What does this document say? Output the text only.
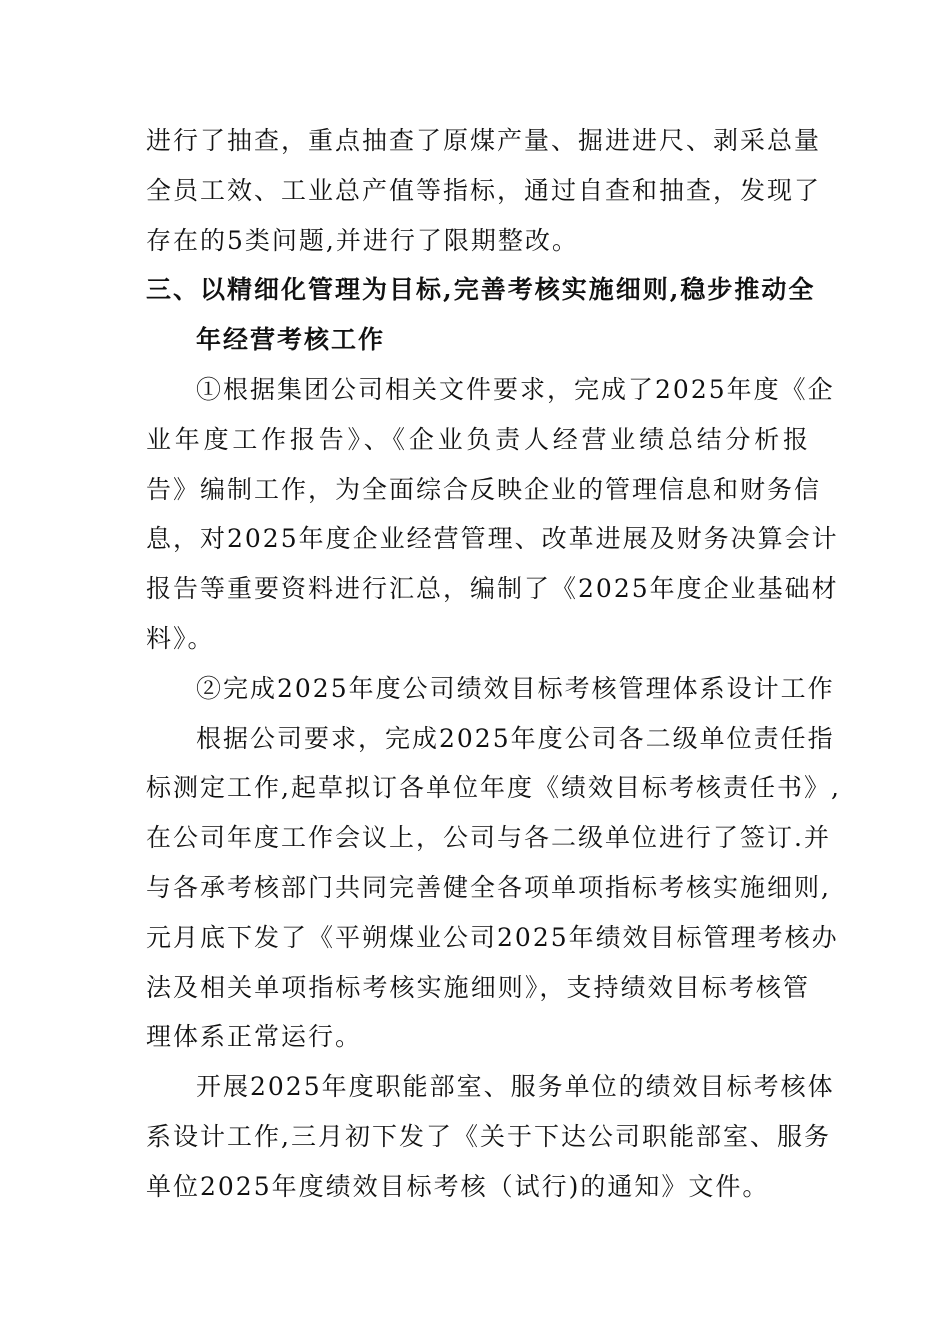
进行了抽查，重点抽查了原煤产量、掘进进尺、剥采总量
全员工效、工业总产值等指标，通过自查和抽查，发现了
存在的5类问题,并进行了限期整改。
三、以精细化管理为目标,完善考核实施细则,稳步推动全
年经营考核工作
①根据集团公司相关文件要求，完成了2025年度《企
业年度工作报告》、《企业负责人经营业绩总结分析报
告》编制工作，为全面综合反映企业的管理信息和财务信
息，对2025年度企业经营管理、改革进展及财务决算会计
报告等重要资料进行汇总，编制了《2025年度企业基础材
料》。
②完成2025年度公司绩效目标考核管理体系设计工作
根据公司要求，完成2025年度公司各二级单位责任指
标测定工作,起草拟订各单位年度《绩效目标考核责任书》,
在公司年度工作会议上，公司与各二级单位进行了签订.并
与各承考核部门共同完善健全各项单项指标考核实施细则,
元月底下发了《平朔煤业公司2025年绩效目标管理考核办
法及相关单项指标考核实施细则》，支持绩效目标考核管
理体系正常运行。
开展2025年度职能部室、服务单位的绩效目标考核体
系设计工作,三月初下发了《关于下达公司职能部室、服务
单位2025年度绩效目标考核（试行)的通知》文件。
